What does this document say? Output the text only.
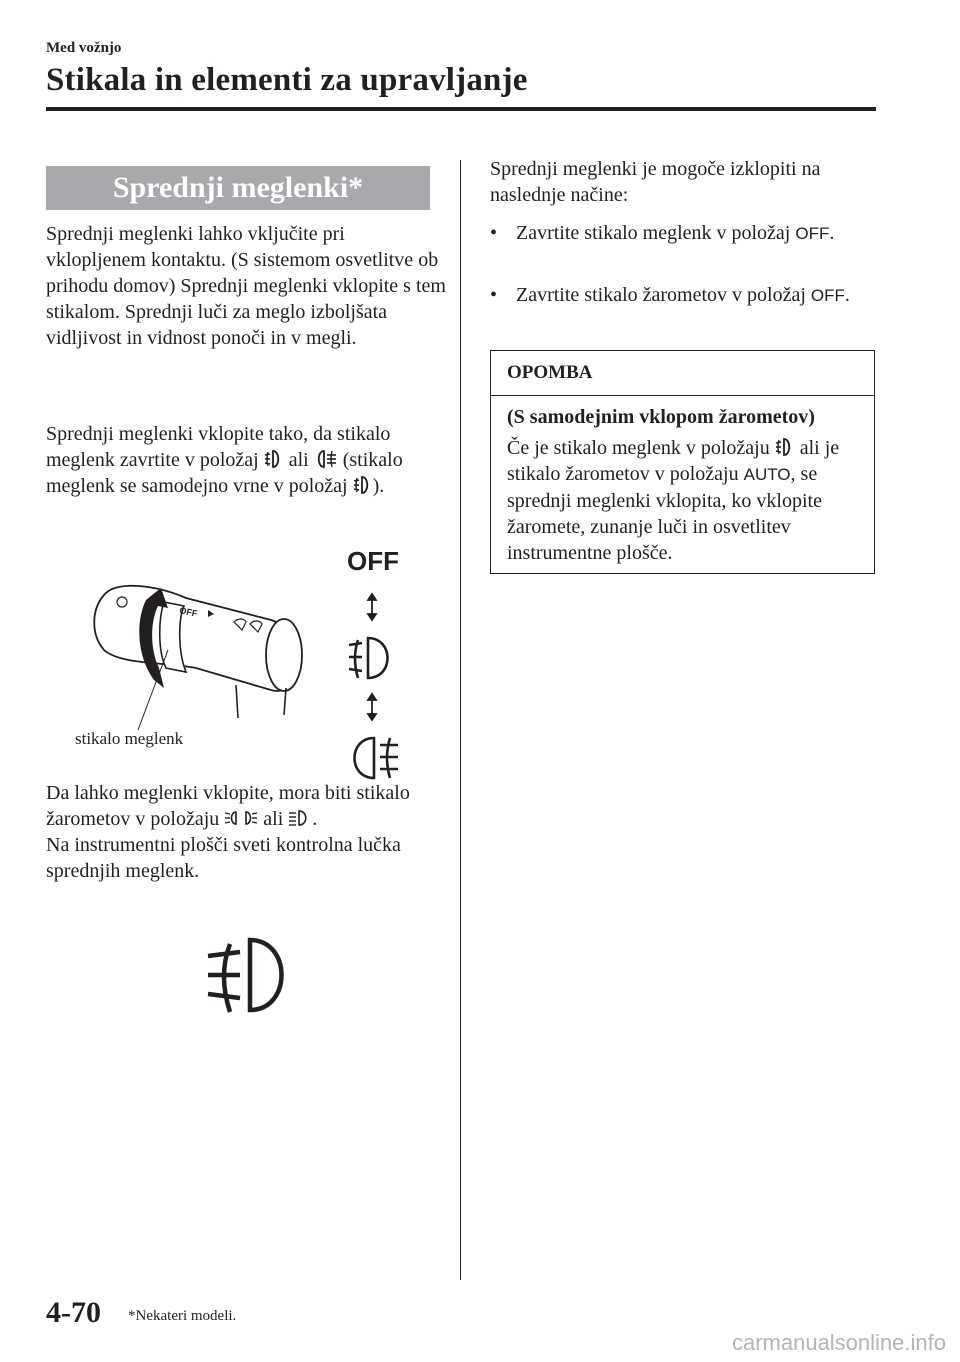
Med vožnjo
Stikala in elementi za upravljanje
Sprednji meglenki*
Sprednji meglenki lahko vključite pri vklopljenem kontaktu. (S sistemom osvetlitve ob prihodu domov) Sprednji meglenki vklopite s tem stikalom. Sprednji luči za meglo izboljšata vidljivost in vidnost ponoči in v megli.
Sprednji meglenki vklopite tako, da stikalo meglenk zavrtite v položaj ali (stikalo meglenk se samodejno vrne v položaj ).
OFF
OFF
stikalo meglenk
Da lahko meglenki vklopite, mora biti stikalo žarometov v položaju ali .
Na instrumentni plošči sveti kontrolna lučka sprednjih meglenk.
Sprednji meglenki je mogoče izklopiti na naslednje načine:
• Zavrtite stikalo meglenk v položaj OFF.
• Zavrtite stikalo žarometov v položaj OFF.
OPOMBA
(S samodejnim vklopom žarometov)
Če je stikalo meglenk v položaju ali je stikalo žarometov v položaju AUTO, se sprednji meglenki vklopita, ko vklopite žaromete, zunanje luči in osvetlitev instrumentne plošče.
4-70 *Nekateri modeli.
carmanualsonline.info
